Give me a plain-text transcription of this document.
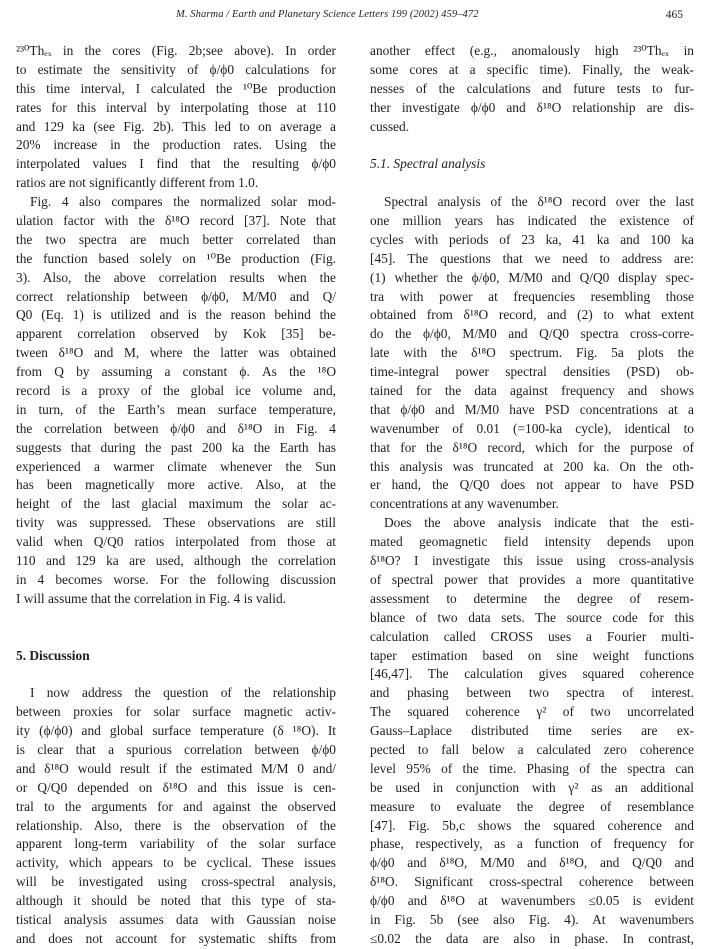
M. Sharma / Earth and Planetary Science Letters 199 (2002) 459–472	465
²³⁰Thₑₓ in the cores (Fig. 2b;see above). In order
to estimate the sensitivity of ϕ/ϕ0 calculations for
this time interval, I calculated the ¹⁰Be production
rates for this interval by interpolating those at 110
and 129 ka (see Fig. 2b). This led to on average a
20% increase in the production rates. Using the
interpolated values I find that the resulting ϕ/ϕ0
ratios are not significantly different from 1.0.
Fig. 4 also compares the normalized solar mod-
ulation factor with the δ¹⁸O record [37]. Note that
the two spectra are much better correlated than
the function based solely on ¹⁰Be production (Fig.
3). Also, the above correlation results when the
correct relationship between ϕ/ϕ0, M/M0 and Q/
Q0 (Eq. 1) is utilized and is the reason behind the
apparent correlation observed by Kok [35] be-
tween δ¹⁸O and M, where the latter was obtained
from Q by assuming a constant ϕ. As the ¹⁸O
record is a proxy of the global ice volume and,
in turn, of the Earth’s mean surface temperature,
the correlation between ϕ/ϕ0 and δ¹⁸O in Fig. 4
suggests that during the past 200 ka the Earth has
experienced a warmer climate whenever the Sun
has been magnetically more active. Also, at the
height of the last glacial maximum the solar ac-
tivity was suppressed. These observations are still
valid when Q/Q0 ratios interpolated from those at
110 and 129 ka are used, although the correlation
in 4 becomes worse. For the following discussion
I will assume that the correlation in Fig. 4 is valid.
5. Discussion
I now address the question of the relationship
between proxies for solar surface magnetic activ-
ity (ϕ/ϕ0) and global surface temperature (δ ¹⁸O). It
is clear that a spurious correlation between ϕ/ϕ0
and δ¹⁸O would result if the estimated M/M 0 and/
or Q/Q0 depended on δ¹⁸O and this issue is cen-
tral to the arguments for and against the observed
relationship. Also, there is the observation of the
apparent long-term variability of the solar surface
activity, which appears to be cyclical. These issues
will be investigated using cross-spectral analysis,
although it should be noted that this type of sta-
tistical analysis assumes data with Gaussian noise
and does not account for systematic shifts from
another effect (e.g., anomalously high ²³⁰Thₑₓ in
some cores at a specific time). Finally, the weak-
nesses of the calculations and future tests to fur-
ther investigate ϕ/ϕ0 and δ¹⁸O relationship are dis-
cussed.
5.1. Spectral analysis
Spectral analysis of the δ¹⁸O record over the last
one million years has indicated the existence of
cycles with periods of 23 ka, 41 ka and 100 ka
[45]. The questions that we need to address are:
(1) whether the ϕ/ϕ0, M/M0 and Q/Q0 display spec-
tra with power at frequencies resembling those
obtained from δ¹⁸O record, and (2) to what extent
do the ϕ/ϕ0, M/M0 and Q/Q0 spectra cross-corre-
late with the δ¹⁸O spectrum. Fig. 5a plots the
time-integral power spectral densities (PSD) ob-
tained for the data against frequency and shows
that ϕ/ϕ0 and M/M0 have PSD concentrations at a
wavenumber of 0.01 (=100-ka cycle), identical to
that for the δ¹⁸O record, which for the purpose of
this analysis was truncated at 200 ka. On the oth-
er hand, the Q/Q0 does not appear to have PSD
concentrations at any wavenumber.
Does the above analysis indicate that the esti-
mated geomagnetic field intensity depends upon
δ¹⁸O? I investigate this issue using cross-analysis
of spectral power that provides a more quantitative
assessment to determine the degree of resem-
blance of two data sets. The source code for this
calculation called CROSS uses a Fourier multi-
taper estimation based on sine weight functions
[46,47]. The calculation gives squared coherence
and phasing between two spectra of interest.
The squared coherence γ² of two uncorrelated
Gauss–Laplace distributed time series are ex-
pected to fall below a calculated zero coherence
level 95% of the time. Phasing of the spectra can
be used in conjunction with γ² as an additional
measure to evaluate the degree of resemblance
[47]. Fig. 5b,c shows the squared coherence and
phase, respectively, as a function of frequency for
ϕ/ϕ0 and δ¹⁸O, M/M0 and δ¹⁸O, and Q/Q0 and
δ¹⁸O. Significant cross-spectral coherence between
ϕ/ϕ0 and δ¹⁸O at wavenumbers ≤0.05 is evident
in Fig. 5b (see also Fig. 4). At wavenumbers
≤0.02 the data are also in phase. In contrast,
